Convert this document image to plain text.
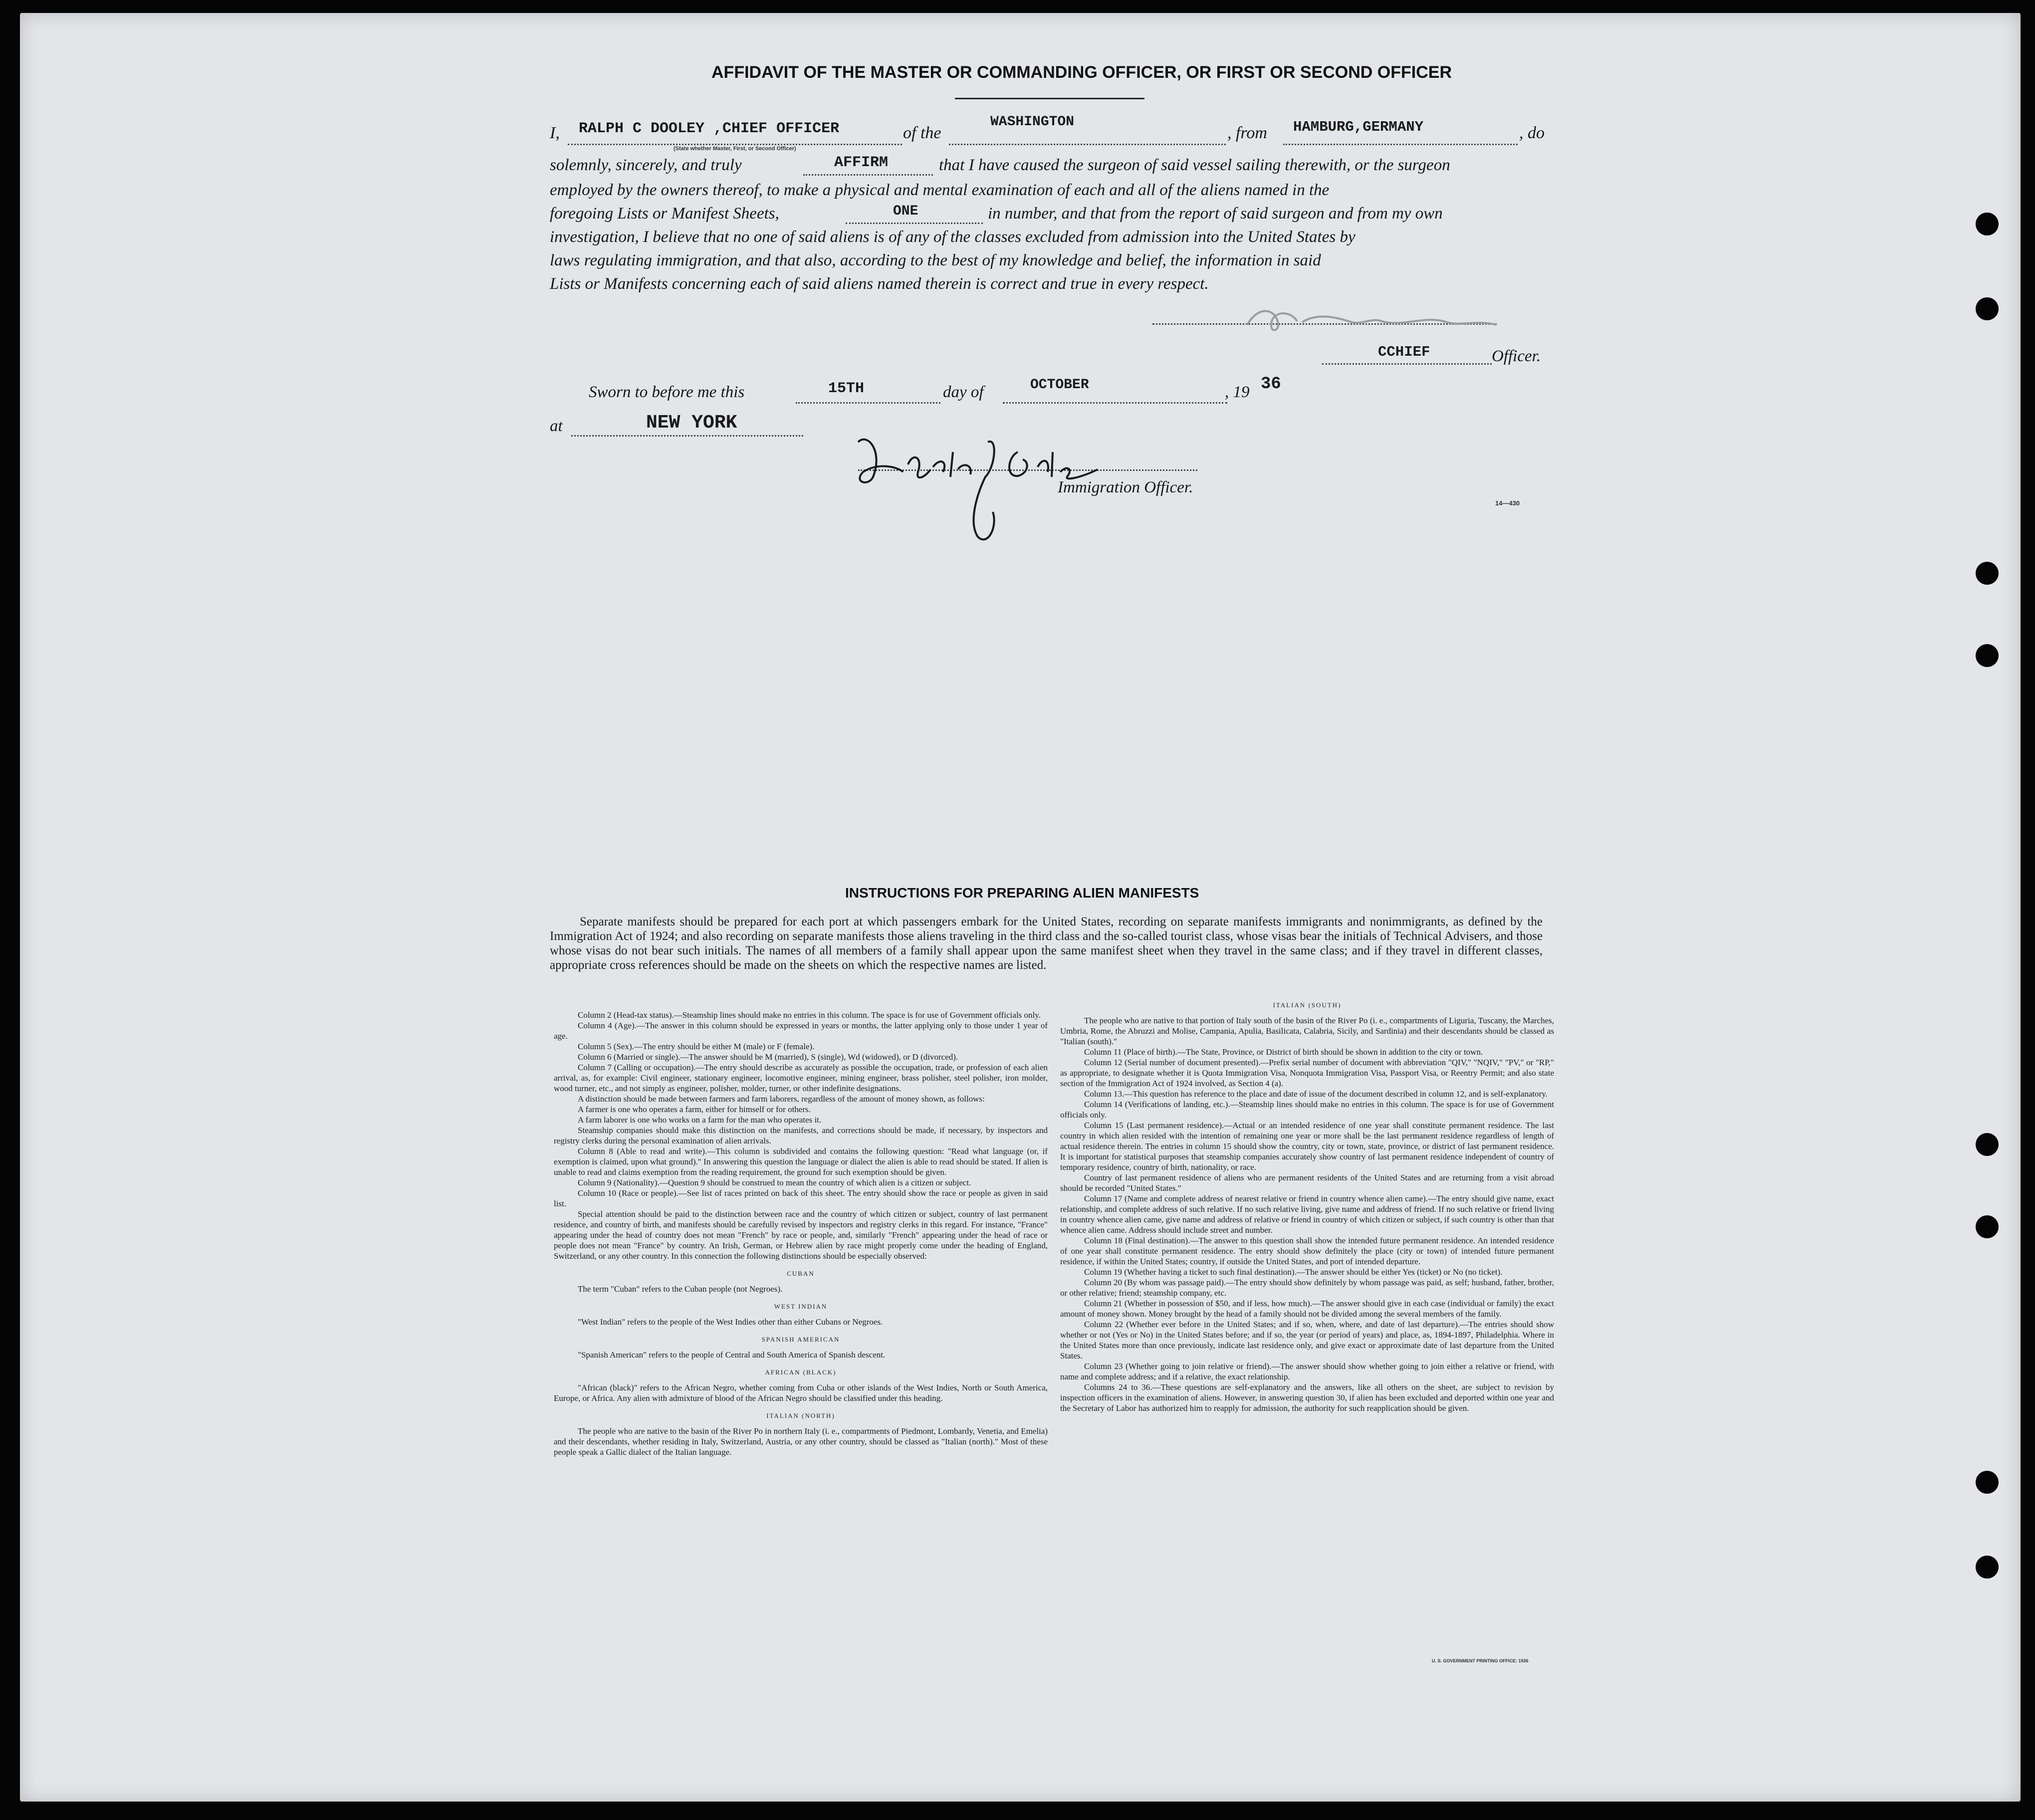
AFFIDAVIT OF THE MASTER OR COMMANDING OFFICER, OR FIRST OR SECOND OFFICER
I, RALPH C DOOLEY ,CHIEF OFFICER
(State whether Master, First, or Second Officer)
of the
WASHINGTON
, from HAMBURG,GERMANY	, do
solemnly, sincerely, and truly	AFFIRM	that I have caused the surgeon of said vessel sailing therewith, or the surgeon
employed by the owners thereof, to make a physical and mental examination of each and all of the aliens named in the
foregoing Lists or Manifest Sheets,	ONE	in number, and that from the report of said surgeon and from my own
investigation, I believe that no one of said aliens is of any of the classes excluded from admission into the United States by
laws regulating immigration, and that also, according to the best of my knowledge and belief, the information in said
Lists or Manifests concerning each of said aliens named therein is correct and true in every respect.
CCHIEF	Officer.
Sworn to before me this	15TH	day of	OCTOBER	, 19 36
at	NEW YORK
Immigration Officer.
14—430
INSTRUCTIONS FOR PREPARING ALIEN MANIFESTS
Separate manifests should be prepared for each port at which passengers embark for the United States, recording on separate manifests immigrants and nonimmigrants, as defined by the Immigration Act of 1924; and also recording on separate manifests those aliens traveling in the third class and the so-called tourist class, whose visas bear the initials of Technical Advisers, and those whose visas do not bear such initials. The names of all members of a family shall appear upon the same manifest sheet when they travel in the same class; and if they travel in different classes, appropriate cross references should be made on the sheets on which the respective names are listed.

Column 2 (Head-tax status).—Steamship lines should make no entries in this column. The space is for use of Government officials only.

Column 4 (Age).—The answer in this column should be expressed in years or months, the latter applying only to those under 1 year of age.

Column 5 (Sex).—The entry should be either M (male) or F (female).

Column 6 (Married or single).—The answer should be M (married), S (single), Wd (widowed), or D (divorced).

Column 7 (Calling or occupation).—The entry should describe as accurately as possible the occupation, trade, or profession of each alien arrival, as, for example: Civil engineer, stationary engineer, locomotive engineer, mining engineer, brass polisher, steel polisher, iron molder, wood turner, etc., and not simply as engineer, polisher, molder, turner, or other indefinite designations.

A distinction should be made between farmers and farm laborers, regardless of the amount of money shown, as follows:

A farmer is one who operates a farm, either for himself or for others.

A farm laborer is one who works on a farm for the man who operates it.

Steamship companies should make this distinction on the manifests, and corrections should be made, if necessary, by inspectors and registry clerks during the personal examination of alien arrivals.

Column 8 (Able to read and write).—This column is subdivided and contains the following question: "Read what language (or, if exemption is claimed, upon what ground)." In answering this question the language or dialect the alien is able to read should be stated. If alien is unable to read and claims exemption from the reading requirement, the ground for such exemption should be given.

Column 9 (Nationality).—Question 9 should be construed to mean the country of which alien is a citizen or subject.

Column 10 (Race or people).—See list of races printed on back of this sheet. The entry should show the race or people as given in said list.

Special attention should be paid to the distinction between race and the country of which citizen or subject, country of last permanent residence, and country of birth, and manifests should be carefully revised by inspectors and registry clerks in this regard. For instance, "France" appearing under the head of country does not mean "French" by race or people, and, similarly "French" appearing under the head of race or people does not mean "France" by country. An Irish, German, or Hebrew alien by race might properly come under the heading of England, Switzerland, or any other country. In this connection the following distinctions should be especially observed:

CUBAN

The term "Cuban" refers to the Cuban people (not Negroes).

WEST INDIAN

"West Indian" refers to the people of the West Indies other than either Cubans or Negroes.

SPANISH AMERICAN

"Spanish American" refers to the people of Central and South America of Spanish descent.

AFRICAN (BLACK)

"African (black)" refers to the African Negro, whether coming from Cuba or other islands of the West Indies, North or South America, Europe, or Africa. Any alien with admixture of blood of the African Negro should be classified under this heading.

ITALIAN (NORTH)

The people who are native to the basin of the River Po in northern Italy (i. e., compartments of Piedmont, Lombardy, Venetia, and Emelia) and their descendants, whether residing in Italy, Switzerland, Austria, or any other country, should be classed as "Italian (north)." Most of these people speak a Gallic dialect of the Italian language.

ITALIAN (SOUTH)

The people who are native to that portion of Italy south of the basin of the River Po (i. e., compartments of Liguria, Tuscany, the Marches, Umbria, Rome, the Abruzzi and Molise, Campania, Apulia, Basilicata, Calabria, Sicily, and Sardinia) and their descendants should be classed as "Italian (south)."

Column 11 (Place of birth).—The State, Province, or District of birth should be shown in addition to the city or town.

Column 12 (Serial number of document presented).—Prefix serial number of document with abbreviation "QIV," "NQIV," "PV," or "RP," as appropriate, to designate whether it is Quota Immigration Visa, Nonquota Immigration Visa, Passport Visa, or Reentry Permit; and also state section of the Immigration Act of 1924 involved, as Section 4 (a).

Column 13.—This question has reference to the place and date of issue of the document described in column 12, and is self-explanatory.

Column 14 (Verifications of landing, etc.).—Steamship lines should make no entries in this column. The space is for use of Government officials only.

Column 15 (Last permanent residence).—Actual or an intended residence of one year shall constitute permanent residence. The last country in which alien resided with the intention of remaining one year or more shall be the last permanent residence regardless of length of actual residence therein. The entries in column 15 should show the country, city or town, state, province, or district of last permanent residence. It is important for statistical purposes that steamship companies accurately show country of last permanent residence independent of country of temporary residence, country of birth, nationality, or race.

Country of last permanent residence of aliens who are permanent residents of the United States and are returning from a visit abroad should be recorded "United States."

Column 17 (Name and complete address of nearest relative or friend in country whence alien came).—The entry should give name, exact relationship, and complete address of such relative. If no such relative living, give name and address of friend. If no such relative or friend living in country whence alien came, give name and address of relative or friend in country of which citizen or subject, if such country is other than that whence alien came. Address should include street and number.

Column 18 (Final destination).—The answer to this question shall show the intended future permanent residence. An intended residence of one year shall constitute permanent residence. The entry should show definitely the place (city or town) of intended future permanent residence, if within the United States; country, if outside the United States, and port of intended departure.

Column 19 (Whether having a ticket to such final destination).—The answer should be either Yes (ticket) or No (no ticket).

Column 20 (By whom was passage paid).—The entry should show definitely by whom passage was paid, as self; husband, father, brother, or other relative; friend; steamship company, etc.

Column 21 (Whether in possession of $50, and if less, how much).—The answer should give in each case (individual or family) the exact amount of money shown. Money brought by the head of a family should not be divided among the several members of the family.

Column 22 (Whether ever before in the United States; and if so, when, where, and date of last departure).—The entries should show whether or not (Yes or No) in the United States before; and if so, the year (or period of years) and place, as, 1894-1897, Philadelphia. Where in the United States more than once previously, indicate last residence only, and give exact or approximate date of last departure from the United States.

Column 23 (Whether going to join relative or friend).—The answer should show whether going to join either a relative or friend, with name and complete address; and if a relative, the exact relationship.

Columns 24 to 36.—These questions are self-explanatory and the answers, like all others on the sheet, are subject to revision by inspection officers in the examination of aliens. However, in answering question 30, if alien has been excluded and deported within one year and the Secretary of Labor has authorized him to reapply for admission, the authority for such reapplication should be given.

U. S. GOVERNMENT PRINTING OFFICE: 1936
